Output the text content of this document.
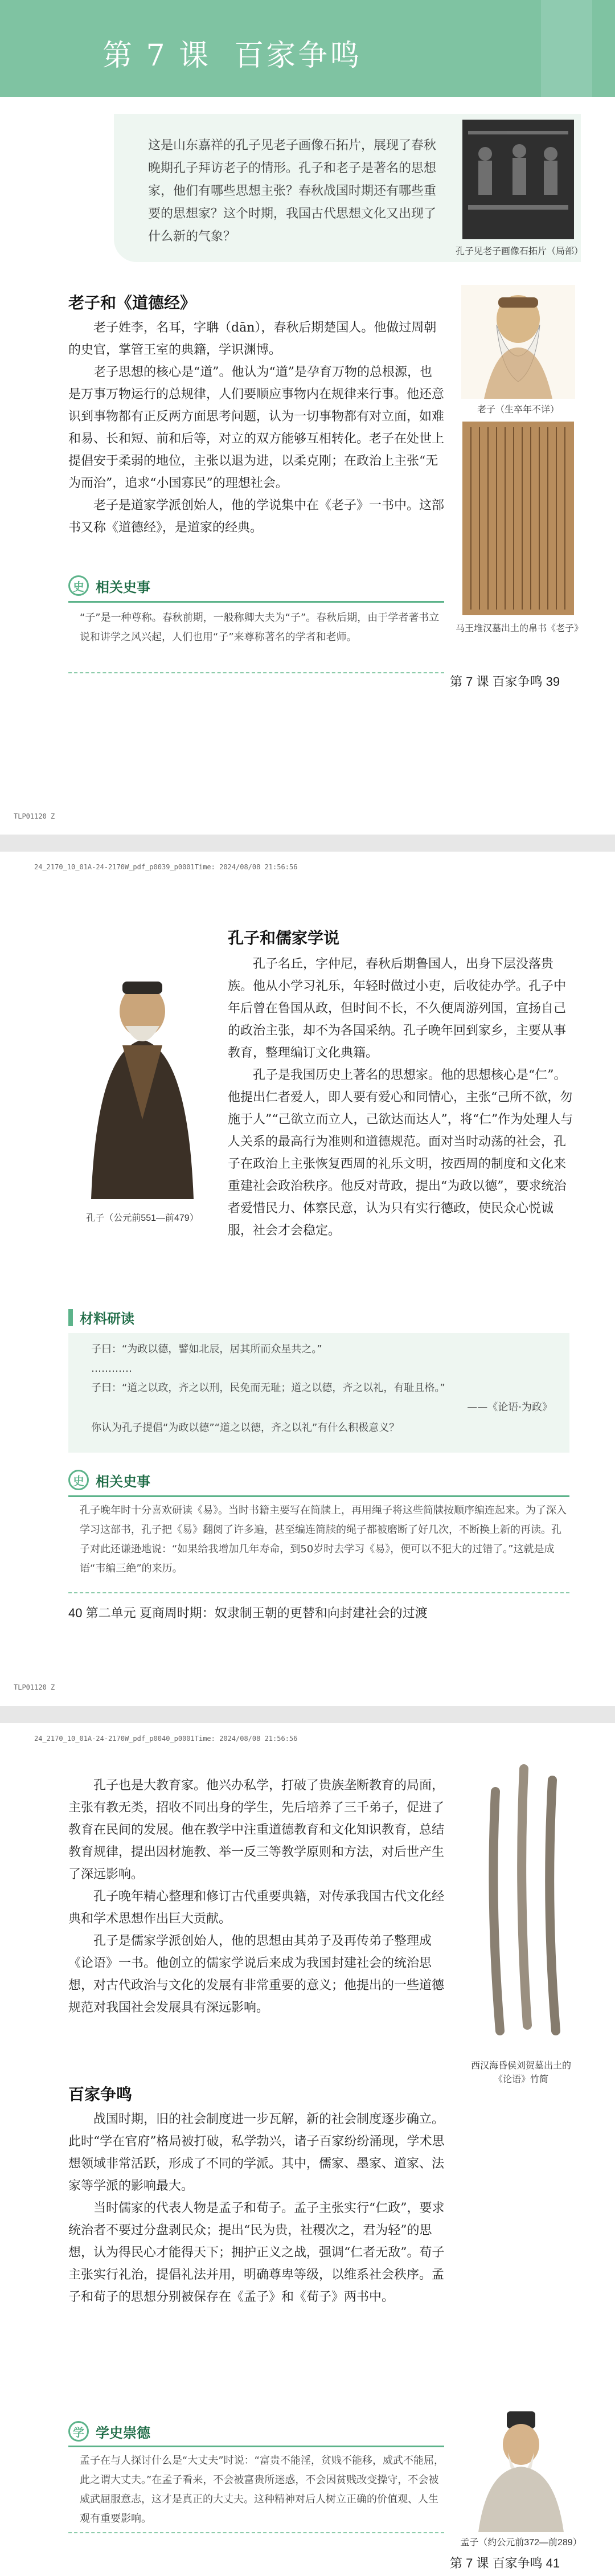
第 7 课 百家争鸣
这是山东嘉祥的孔子见老子画像石拓片，展现了春秋晚期孔子拜访老子的情形。孔子和老子是著名的思想家，他们有哪些思想主张？春秋战国时期还有哪些重要的思想家？这个时期，我国古代思想文化又出现了什么新的气象？
孔子见老子画像石拓片（局部）
老子和《道德经》

老子姓李，名耳，字聃（dān），春秋后期楚国人。他做过周朝的史官，掌管王室的典籍，学识渊博。

老子思想的核心是“道”。他认为“道”是孕育万物的总根源，也是万事万物运行的总规律，人们要顺应事物内在规律来行事。他还意识到事物都有正反两方面思考问题，认为一切事物都有对立面，如难和易、长和短、前和后等，对立的双方能够互相转化。老子在处世上提倡安于柔弱的地位，主张以退为进，以柔克刚；在政治上主张“无为而治”，追求“小国寡民”的理想社会。

老子是道家学派创始人，他的学说集中在《老子》一书中。这部书又称《道德经》，是道家的经典。

老子（生卒年不详）
马王堆汉墓出土的帛书《老子》
史 相关史事
“子”是一种尊称。春秋前期，一般称卿大夫为“子”。春秋后期，由于学者著书立说和讲学之风兴起，人们也用“子”来尊称著名的学者和老师。
第 7 课 百家争鸣 39
TLP01120 Z
24_2170_10_01A-24-2170W_pdf_p0039_p0001Time: 2024/08/08 21:56:56
孔子和儒家学说

孔子名丘，字仲尼，春秋后期鲁国人，出身下层没落贵族。他从小学习礼乐，年轻时做过小吏，后收徒办学。孔子中年后曾在鲁国从政，但时间不长，不久便周游列国，宣扬自己的政治主张，却不为各国采纳。孔子晚年回到家乡，主要从事教育，整理编订文化典籍。

孔子是我国历史上著名的思想家。他的思想核心是“仁”。他提出仁者爱人，即人要有爱心和同情心，主张“己所不欲，勿施于人”“己欲立而立人，己欲达而达人”，将“仁”作为处理人与人关系的最高行为准则和道德规范。面对当时动荡的社会，孔子在政治上主张恢复西周的礼乐文明，按西周的制度和文化来重建社会政治秩序。他反对苛政，提出“为政以德”，要求统治者爱惜民力、体察民意，认为只有实行德政，使民众心悦诚服，社会才会稳定。

孔子（公元前551—前479）
材料研读
子曰：“为政以德，譬如北辰，居其所而众星共之。”
…………
子曰：“道之以政，齐之以刑，民免而无耻；道之以德，齐之以礼，有耻且格。”
——《论语·为政》
你认为孔子提倡“为政以德”“道之以德，齐之以礼”有什么积极意义？
史 相关史事
孔子晚年时十分喜欢研读《易》。当时书籍主要写在简牍上，再用绳子将这些简牍按顺序编连起来。为了深入学习这部书，孔子把《易》翻阅了许多遍，甚至编连简牍的绳子都被磨断了好几次，不断换上新的再读。孔子对此还谦逊地说：“如果给我增加几年寿命，到50岁时去学习《易》，便可以不犯大的过错了。”这就是成语“韦编三绝”的来历。
40 第二单元 夏商周时期：奴隶制王朝的更替和向封建社会的过渡
TLP01120 Z
24_2170_10_01A-24-2170W_pdf_p0040_p0001Time: 2024/08/08 21:56:56

孔子也是大教育家。他兴办私学，打破了贵族垄断教育的局面，主张有教无类，招收不同出身的学生，先后培养了三千弟子，促进了教育在民间的发展。他在教学中注重道德教育和文化知识教育，总结教育规律，提出因材施教、举一反三等教学原则和方法，对后世产生了深远影响。

孔子晚年精心整理和修订古代重要典籍，对传承我国古代文化经典和学术思想作出巨大贡献。

孔子是儒家学派创始人，他的思想由其弟子及再传弟子整理成《论语》一书。他创立的儒家学说后来成为我国封建社会的统治思想，对古代政治与文化的发展有非常重要的意义；他提出的一些道德规范对我国社会发展具有深远影响。

西汉海昏侯刘贺墓出土的《论语》竹简
百家争鸣

战国时期，旧的社会制度进一步瓦解，新的社会制度逐步确立。此时“学在官府”格局被打破，私学勃兴，诸子百家纷纷涌现，学术思想领域非常活跃，形成了不同的学派。其中，儒家、墨家、道家、法家等学派的影响最大。

当时儒家的代表人物是孟子和荀子。孟子主张实行“仁政”，要求统治者不要过分盘剥民众；提出“民为贵，社稷次之，君为轻”的思想，认为得民心才能得天下；拥护正义之战，强调“仁者无敌”。荀子主张实行礼治，提倡礼法并用，明确尊卑等级，以维系社会秩序。孟子和荀子的思想分别被保存在《孟子》和《荀子》两书中。

学 学史崇德
孟子在与人探讨什么是“大丈夫”时说：“富贵不能淫，贫贱不能移，威武不能屈，此之谓大丈夫。”在孟子看来，不会被富贵所迷惑，不会因贫贱改变操守，不会被威武屈服意志，这才是真正的大丈夫。这种精神对后人树立正确的价值观、人生观有重要影响。
孟子（约公元前372—前289）
第 7 课 百家争鸣 41
